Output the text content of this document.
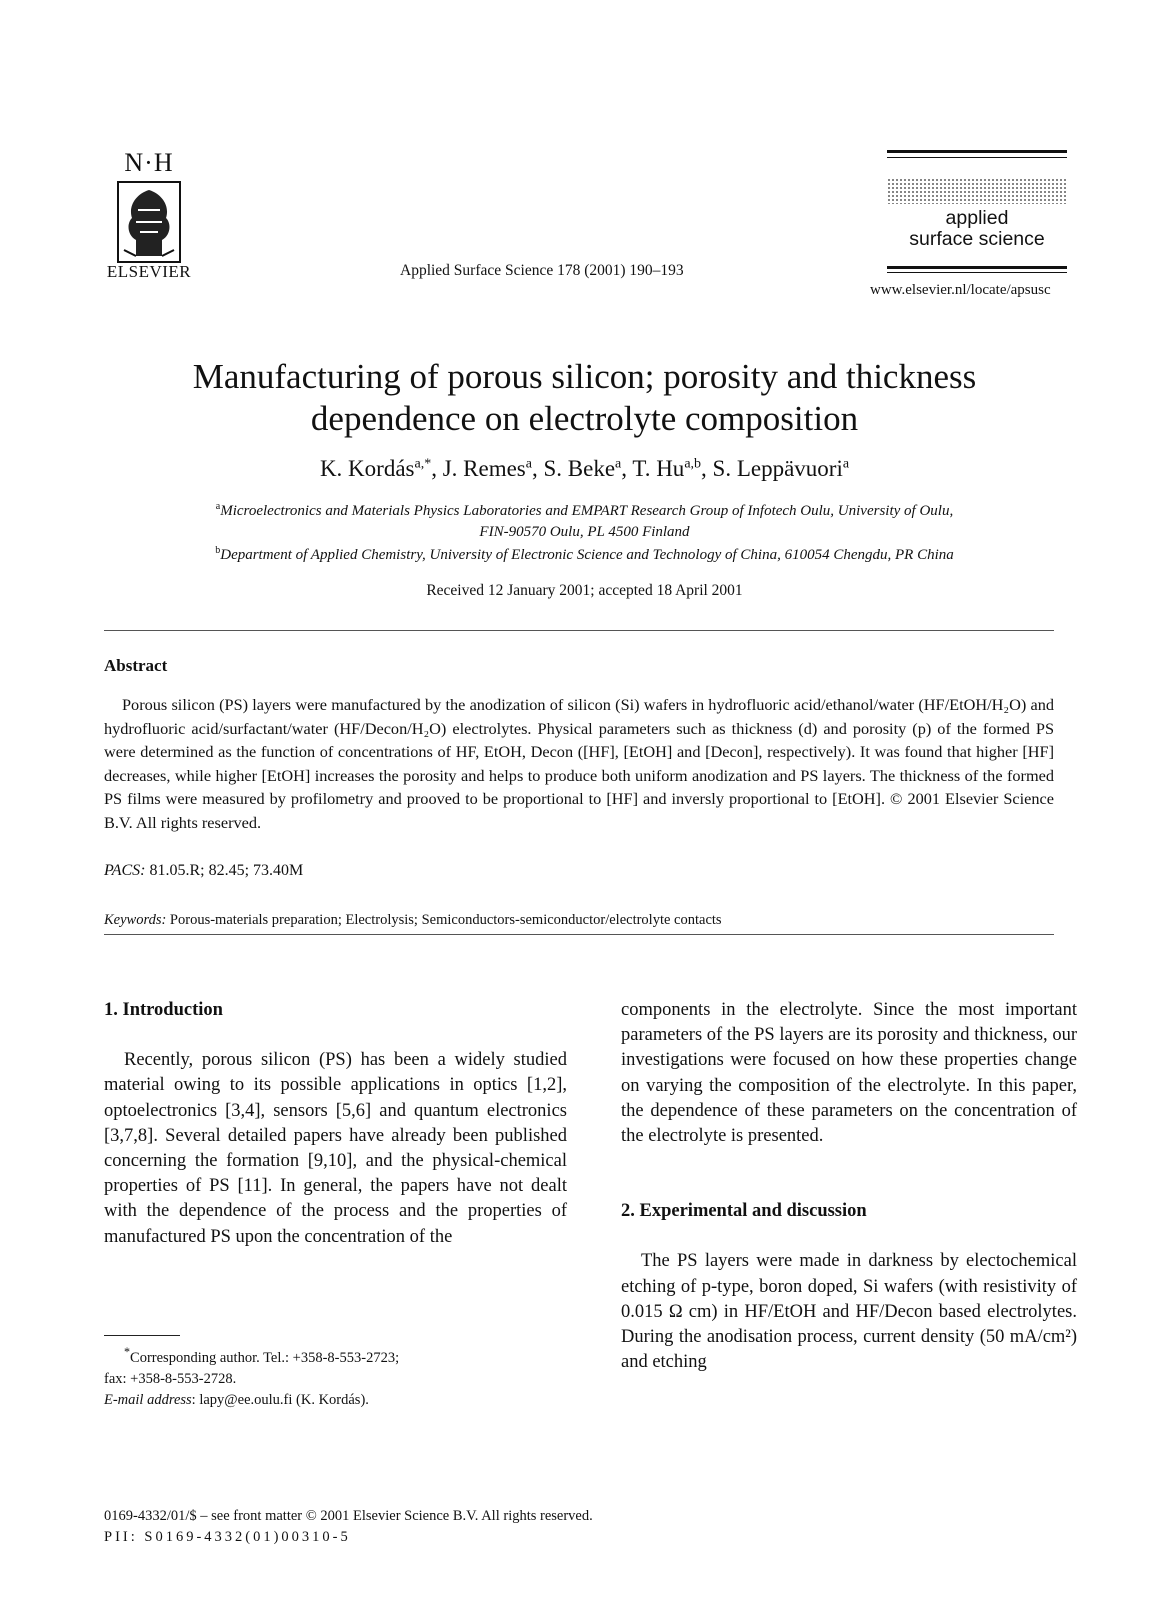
N·H
ELSEVIER	Applied Surface Science 178 (2001) 190–193
applied
surface science
www.elsevier.nl/locate/apsusc
Manufacturing of porous silicon; porosity and thickness
dependence on electrolyte composition
K. Kordás$^{a,*}$, J. Remes$^a$, S. Beke$^a$, T. Hu$^{a,b}$, S. Leppävuori$^a$
$^a$Microelectronics and Materials Physics Laboratories and EMPART Research Group of Infotech Oulu, University of Oulu,
FIN-90570 Oulu, PL 4500 Finland
$^b$Department of Applied Chemistry, University of Electronic Science and Technology of China, 610054 Chengdu, PR China
Received 12 January 2001; accepted 18 April 2001
Abstract
Porous silicon (PS) layers were manufactured by the anodization of silicon (Si) wafers in hydrofluoric acid/ethanol/water (HF/EtOH/H₂O) and hydrofluoric acid/surfactant/water (HF/Decon/H₂O) electrolytes. Physical parameters such as thickness (d) and porosity (p) of the formed PS were determined as the function of concentrations of HF, EtOH, Decon ([HF], [EtOH] and [Decon], respectively). It was found that higher [HF] decreases, while higher [EtOH] increases the porosity and helps to produce both uniform anodization and PS layers. The thickness of the formed PS films were measured by profilometry and prooved to be proportional to [HF] and inversly proportional to [EtOH]. © 2001 Elsevier Science B.V. All rights reserved.
PACS: 81.05.R; 82.45; 73.40M
Keywords: Porous-materials preparation; Electrolysis; Semiconductors-semiconductor/electrolyte contacts
1. Introduction
Recently, porous silicon (PS) has been a widely studied material owing to its possible applications in optics [1,2], optoelectronics [3,4], sensors [5,6] and quantum electronics [3,7,8]. Several detailed papers have already been published concerning the formation [9,10], and the physical-chemical properties of PS [11]. In general, the papers have not dealt with the dependence of the process and the properties of manufactured PS upon the concentration of the
*Corresponding author. Tel.: +358-8-553-2723;
fax: +358-8-553-2728.
E-mail address: lapy@ee.oulu.fi (K. Kordás).
components in the electrolyte. Since the most important parameters of the PS layers are its porosity and thickness, our investigations were focused on how these properties change on varying the composition of the electrolyte. In this paper, the dependence of these parameters on the concentration of the electrolyte is presented.
2. Experimental and discussion
The PS layers were made in darkness by electochemical etching of p-type, boron doped, Si wafers (with resistivity of 0.015 Ω cm) in HF/EtOH and HF/Decon based electrolytes. During the anodisation process, current density (50 mA/cm²) and etching
0169-4332/01/$ – see front matter © 2001 Elsevier Science B.V. All rights reserved.
PII: S0169-4332(01)00310-5
